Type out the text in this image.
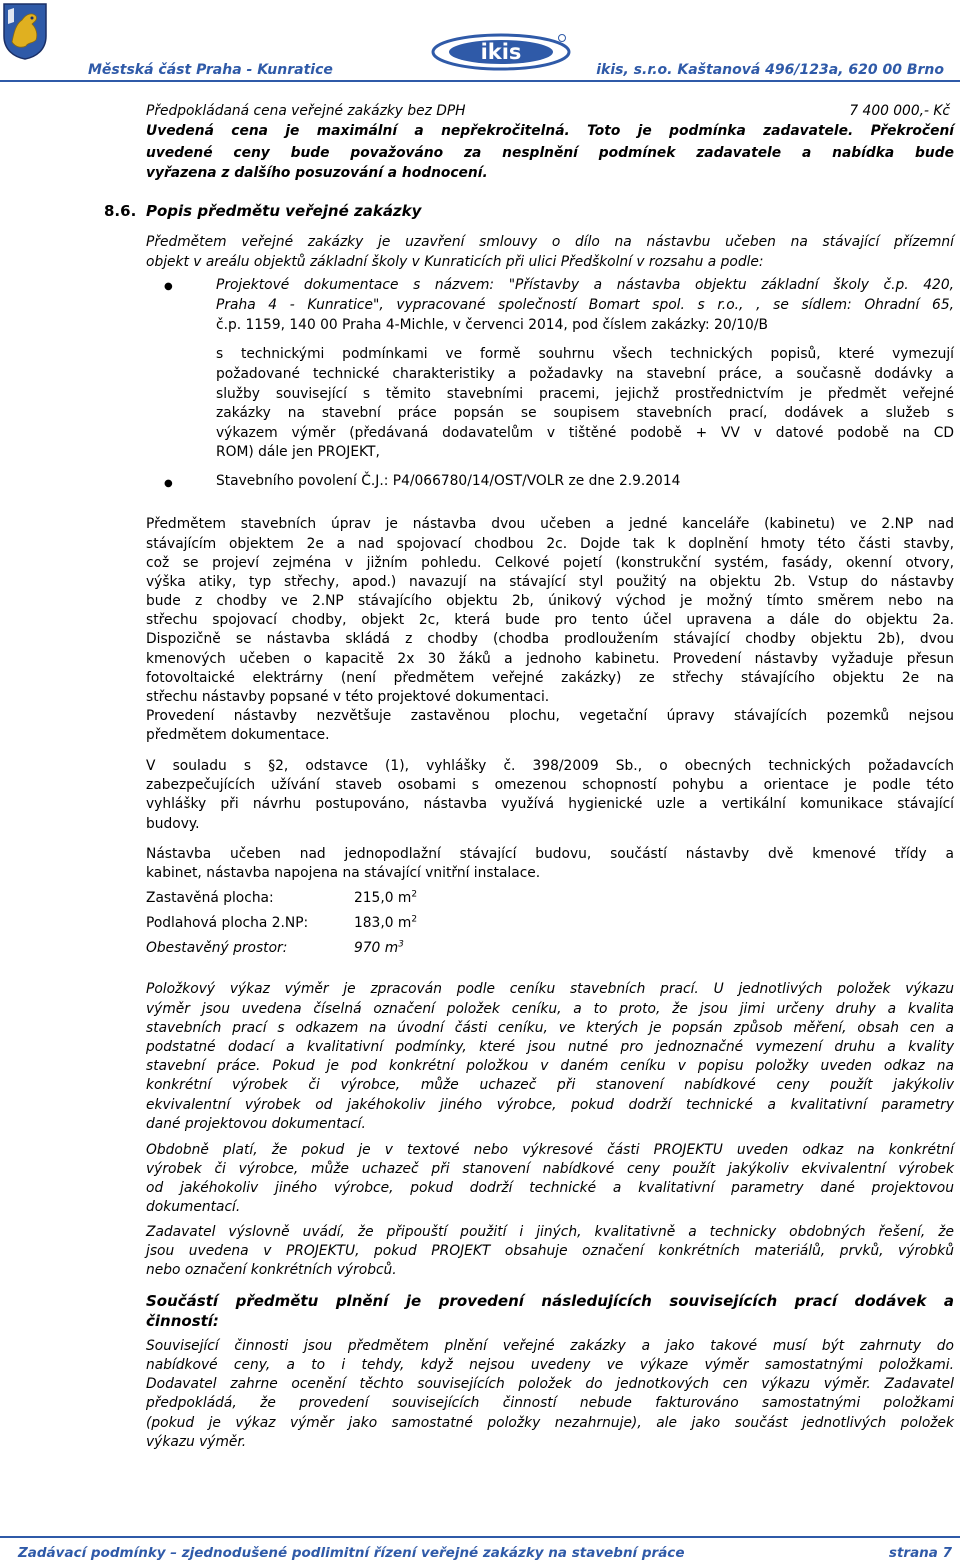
ikis
Městská část Praha - Kunratice	ikis, s.r.o. Kaštanová 496/123a, 620 00 Brno
Předpokládaná cena veřejné zakázky bez DPH	7 400 000,- Kč
Uvedená cena je maximální a nepřekročitelná. Toto je podmínka zadavatele. Překročení
uvedené ceny bude považováno za nesplnění podmínek zadavatele a nabídka bude
vyřazena z dalšího posuzování a hodnocení.
8.6. Popis předmětu veřejné zakázky
Předmětem veřejné zakázky je uzavření smlouvy o dílo na nástavbu učeben na stávající přízemní
objekt v areálu objektů základní školy v Kunraticích při ulici Předškolní v rozsahu a podle:
●	Projektové dokumentace s názvem: "Přístavby a nástavba objektu základní školy č.p. 420,
Praha 4 - Kunratice", vypracované společností Bomart spol. s r.o., , se sídlem: Ohradní 65,
č.p. 1159, 140 00 Praha 4-Michle, v červenci 2014, pod číslem zakázky: 20/10/B
s technickými podmínkami ve formě souhrnu všech technických popisů, které vymezují
požadované technické charakteristiky a požadavky na stavební práce, a současně dodávky a
služby související s těmito stavebními pracemi, jejichž prostřednictvím je předmět veřejné
zakázky na stavební práce popsán se soupisem stavebních prací, dodávek a služeb s
výkazem výměr (předávaná dodavatelům v tištěné podobě + VV v datové podobě na CD
ROM) dále jen PROJEKT,
●	Stavebního povolení Č.J.: P4/066780/14/OST/VOLR ze dne 2.9.2014
Předmětem stavebních úprav je nástavba dvou učeben a jedné kanceláře (kabinetu) ve 2.NP nad
stávajícím objektem 2e a nad spojovací chodbou 2c. Dojde tak k doplnění hmoty této části stavby,
což se projeví zejména v jižním pohledu. Celkové pojetí (konstrukční systém, fasády, okenní otvory,
výška atiky, typ střechy, apod.) navazují na stávající styl použitý na objektu 2b. Vstup do nástavby
bude z chodby ve 2.NP stávajícího objektu 2b, únikový východ je možný tímto směrem nebo na
střechu spojovací chodby, objekt 2c, která bude pro tento účel upravena a dále do objektu 2a.
Dispozičně se nástavba skládá z chodby (chodba prodloužením stávající chodby objektu 2b), dvou
kmenových učeben o kapacitě 2x 30 žáků a jednoho kabinetu. Provedení nástavby vyžaduje přesun
fotovoltaické elektrárny (není předmětem veřejné zakázky) ze střechy stávajícího objektu 2e na
střechu nástavby popsané v této projektové dokumentaci.
Provedení nástavby nezvětšuje zastavěnou plochu, vegetační úpravy stávajících pozemků nejsou
předmětem dokumentace.
V souladu s §2, odstavce (1), vyhlášky č. 398/2009 Sb., o obecných technických požadavcích
zabezpečujících užívání staveb osobami s omezenou schopností pohybu a orientace je podle této
vyhlášky při návrhu postupováno, nástavba využívá hygienické uzle a vertikální komunikace stávající
budovy.
Nástavba učeben nad jednopodlažní stávající budovu, součástí nástavby dvě kmenové třídy a
kabinet, nástavba napojena na stávající vnitřní instalace.
Zastavěná plocha:	215,0 $m^2$
Podlahová plocha 2.NP:	183,0 $m^2$
Obestavěný prostor:	970 $m^3$
Položkový výkaz výměr je zpracován podle ceníku stavebních prací. U jednotlivých položek výkazu
výměr jsou uvedena číselná označení položek ceníku, a to proto, že jsou jimi určeny druhy a kvalita
stavebních prací s odkazem na úvodní části ceníku, ve kterých je popsán způsob měření, obsah cen a
podstatné dodací a kvalitativní podmínky, které jsou nutné pro jednoznačné vymezení druhu a kvality
stavební práce. Pokud je pod konkrétní položkou v daném ceníku v popisu položky uveden odkaz na
konkrétní výrobek či výrobce, může uchazeč při stanovení nabídkové ceny použít jakýkoliv
ekvivalentní výrobek od jakéhokoliv jiného výrobce, pokud dodrží technické a kvalitativní parametry
dané projektovou dokumentací.
Obdobně platí, že pokud je v textové nebo výkresové části PROJEKTU uveden odkaz na konkrétní
výrobek či výrobce, může uchazeč při stanovení nabídkové ceny použít jakýkoliv ekvivalentní výrobek
od jakéhokoliv jiného výrobce, pokud dodrží technické a kvalitativní parametry dané projektovou
dokumentací.
Zadavatel výslovně uvádí, že připouští použití i jiných, kvalitativně a technicky obdobných řešení, že
jsou uvedena v PROJEKTU, pokud PROJEKT obsahuje označení konkrétních materiálů, prvků, výrobků
nebo označení konkrétních výrobců.
Součástí předmětu plnění je provedení následujících souvisejících prací dodávek a
činností:
Související činnosti jsou předmětem plnění veřejné zakázky a jako takové musí být zahrnuty do
nabídkové ceny, a to i tehdy, když nejsou uvedeny ve výkaze výměr samostatnými položkami.
Dodavatel zahrne ocenění těchto souvisejících položek do jednotkových cen výkazu výměr. Zadavatel
předpokládá, že provedení souvisejících činností nebude fakturováno samostatnými položkami
(pokud je výkaz výměr jako samostatné položky nezahrnuje), ale jako součást jednotlivých položek
výkazu výměr.
Zadávací podmínky – zjednodušené podlimitní řízení veřejné zakázky na stavební práce	strana 7
